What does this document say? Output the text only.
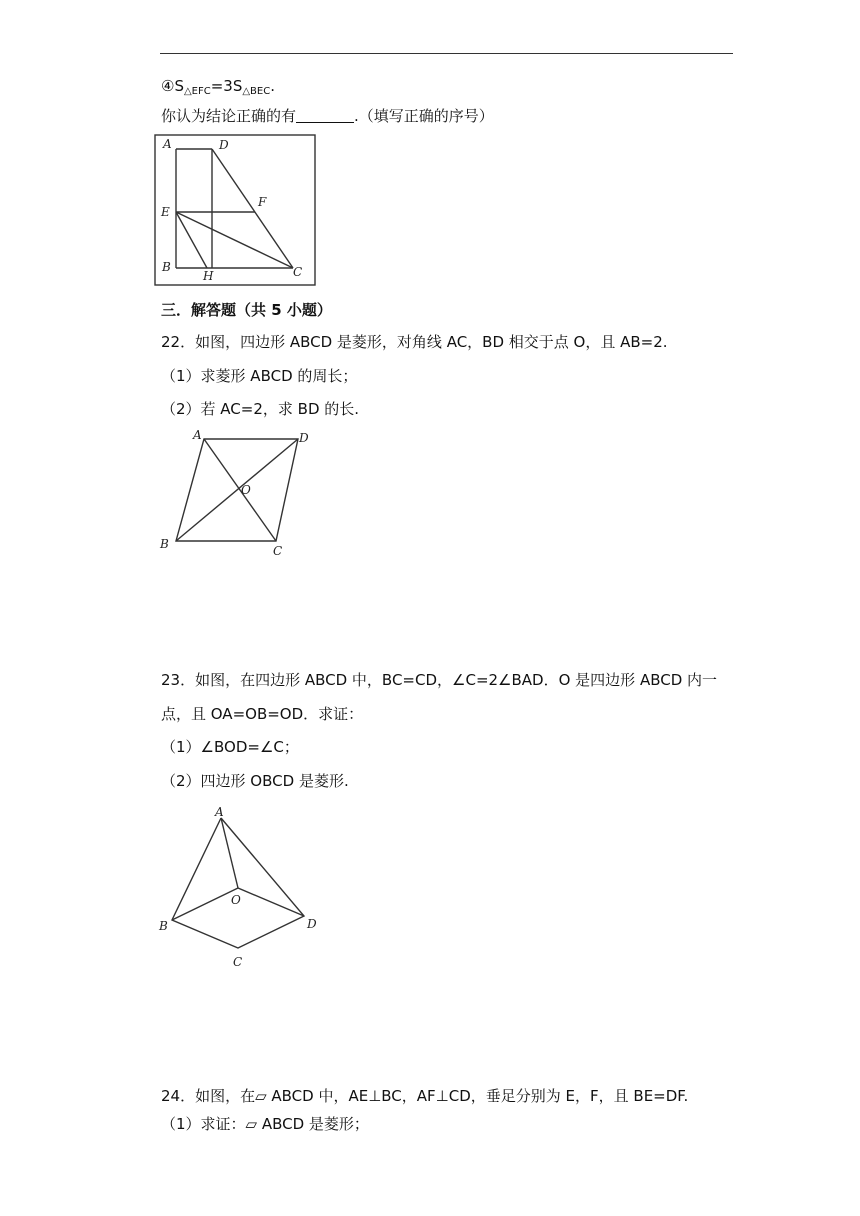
$④S_{\triangle EFC}=3S_{\triangle BEC}$.
你认为结论正确的有	.（填写正确的序号）
A	D
E
F
B
H	C
三．解答题（共 5 小题）
22．如图，四边形 ABCD 是菱形，对角线 AC，BD 相交于点 O，且 AB=2.
（1）求菱形 ABCD 的周长；
（2）若 AC=2，求 BD 的长.
A	D
O
B	C
23．如图，在四边形 ABCD 中，BC=CD，∠C=2∠BAD．O 是四边形 ABCD 内一
点，且 OA=OB=OD．求证：
（1）∠BOD=∠C；
（2）四边形 OBCD 是菱形.
A
O
B	D
C
24．如图，在▱ ABCD 中，AE⊥BC，AF⊥CD，垂足分别为 E，F，且 BE=DF.
（1）求证：▱ ABCD 是菱形；
